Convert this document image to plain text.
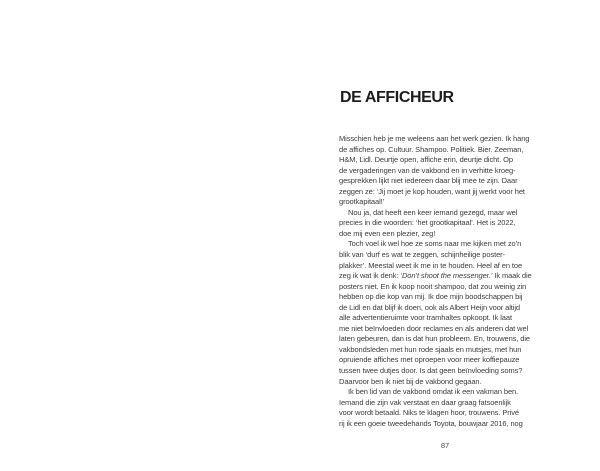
DE AFFICHEUR
Misschien heb je me weleens aan het werk gezien. Ik hang
de affiches op. Cultuur. Shampoo. Politiek. Bier. Zeeman,
H&M, Lidl. Deurtje open, affiche erin, deurtje dicht. Op
de vergaderingen van de vakbond en in verhitte kroeg-
gesprekken lijkt niet iedereen daar blij mee te zijn. Daar
zeggen ze: ‘Jij moet je kop houden, want jij werkt voor het
grootkapitaal!’
Nou ja, dat heeft een keer iemand gezegd, maar wel
precies in die woorden: ‘het grootkapitaal’. Het is 2022,
doe mij even een plezier, zeg!
Toch voel ik wel hoe ze soms naar me kijken met zo’n
blik van ‘durf es wat te zeggen, schijnheilige poster-
plakker’. Meestal weet ik me in te houden. Heel af en toe
zeg ik wat ik denk: ‘Don’t shoot the messenger.’ Ik maak die
posters niet. En ik koop nooit shampoo, dat zou weinig zin
hebben op die kop van mij. Ik doe mijn boodschappen bij
de Lidl en dat blijf ik doen, ook als Albert Heijn voor altijd
alle advertentieruimte voor tramhaltes opkoopt. Ik laat
me niet beïnvloeden door reclames en als anderen dat wel
laten gebeuren, dan is dat hun probleem. En, trouwens, die
vakbondsleden met hun rode sjaals en mutsjes, met hun
opruiende affiches met oproepen voor meer koffiepauze
tussen twee dutjes door. Is dat geen beïnvloeding soms?
Daarvoor ben ik niet bij de vakbond gegaan.
Ik ben lid van de vakbond omdat ik een vakman ben.
Iemand die zijn vak verstaat en daar graag fatsoenlijk
voor wordt betaald. Niks te klagen hoor, trouwens. Privé
rij ik een goeie tweedehands Toyota, bouwjaar 2016, nog
87
